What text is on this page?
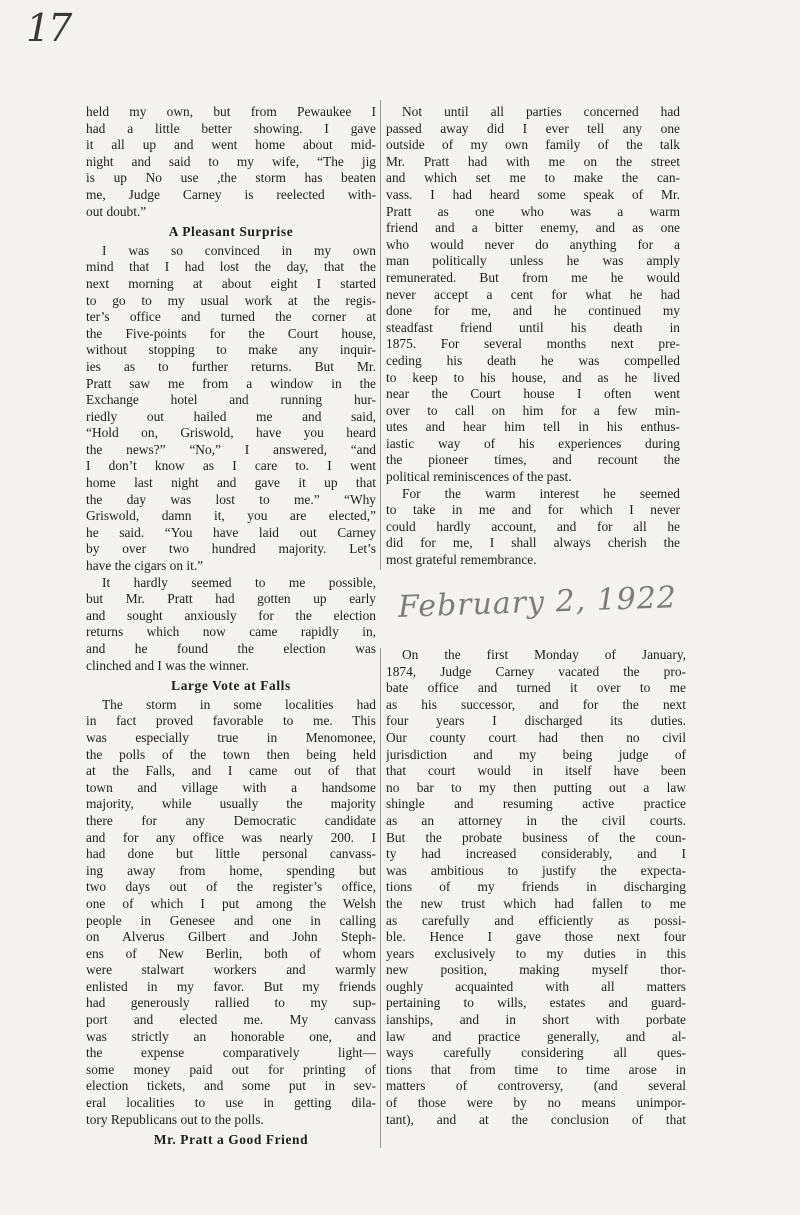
17
held my own, but from Pewaukee I
had a little better showing. I gave
it all up and went home about mid-
night and said to my wife, “The jig
is up No use ,the storm has beaten
me, Judge Carney is reelected with-
out doubt.”
A Pleasant Surprise
I was so convinced in my own
mind that I had lost the day, that the
next morning at about eight I started
to go to my usual work at the regis-
ter’s office and turned the corner at
the Five-points for the Court house,
without stopping to make any inquir-
ies as to further returns. But Mr.
Pratt saw me from a window in the
Exchange hotel and running hur-
riedly out hailed me and said,
“Hold on, Griswold, have you heard
the news?” “No,” I answered, “and
I don’t know as I care to. I went
home last night and gave it up that
the day was lost to me.” “Why
Griswold, damn it, you are elected,”
he said. “You have laid out Carney
by over two hundred majority. Let’s
have the cigars on it.”
It hardly seemed to me possible,
but Mr. Pratt had gotten up early
and sought anxiously for the election
returns which now came rapidly in,
and he found the election was
clinched and I was the winner.
Large Vote at Falls
The storm in some localities had
in fact proved favorable to me. This
was especially true in Menomonee,
the polls of the town then being held
at the Falls, and I came out of that
town and village with a handsome
majority, while usually the majority
there for any Democratic candidate
and for any office was nearly 200. I
had done but little personal canvass-
ing away from home, spending but
two days out of the register’s office,
one of which I put among the Welsh
people in Genesee and one in calling
on Alverus Gilbert and John Steph-
ens of New Berlin, both of whom
were stalwart workers and warmly
enlisted in my favor. But my friends
had generously rallied to my sup-
port and elected me. My canvass
was strictly an honorable one, and
the expense comparatively light—
some money paid out for printing of
election tickets, and some put in sev-
eral localities to use in getting dila-
tory Republicans out to the polls.
Mr. Pratt a Good Friend
Not until all parties concerned had
passed away did I ever tell any one
outside of my own family of the talk
Mr. Pratt had with me on the street
and which set me to make the can-
vass. I had heard some speak of Mr.
Pratt as one who was a warm
friend and a bitter enemy, and as one
who would never do anything for a
man politically unless he was amply
remunerated. But from me he would
never accept a cent for what he had
done for me, and he continued my
steadfast friend until his death in
1875. For several months next pre-
ceding his death he was compelled
to keep to his house, and as he lived
near the Court house I often went
over to call on him for a few min-
utes and hear him tell in his enthus-
iastic way of his experiences during
the pioneer times, and recount the
political reminiscences of the past.
For the warm interest he seemed
to take in me and for which I never
could hardly account, and for all he
did for me, I shall always cherish the
most grateful remembrance.
February 2, 1922
On the first Monday of January,
1874, Judge Carney vacated the pro-
bate office and turned it over to me
as his successor, and for the next
four years I discharged its duties.
Our county court had then no civil
jurisdiction and my being judge of
that court would in itself have been
no bar to my then putting out a law
shingle and resuming active practice
as an attorney in the civil courts.
But the probate business of the coun-
ty had increased considerably, and I
was ambitious to justify the expecta-
tions of my friends in discharging
the new trust which had fallen to me
as carefully and efficiently as possi-
ble. Hence I gave those next four
years exclusively to my duties in this
new position, making myself thor-
oughly acquainted with all matters
pertaining to wills, estates and guard-
ianships, and in short with porbate
law and practice generally, and al-
ways carefully considering all ques-
tions that from time to time arose in
matters of controversy, (and several
of those were by no means unimpor-
tant), and at the conclusion of that
